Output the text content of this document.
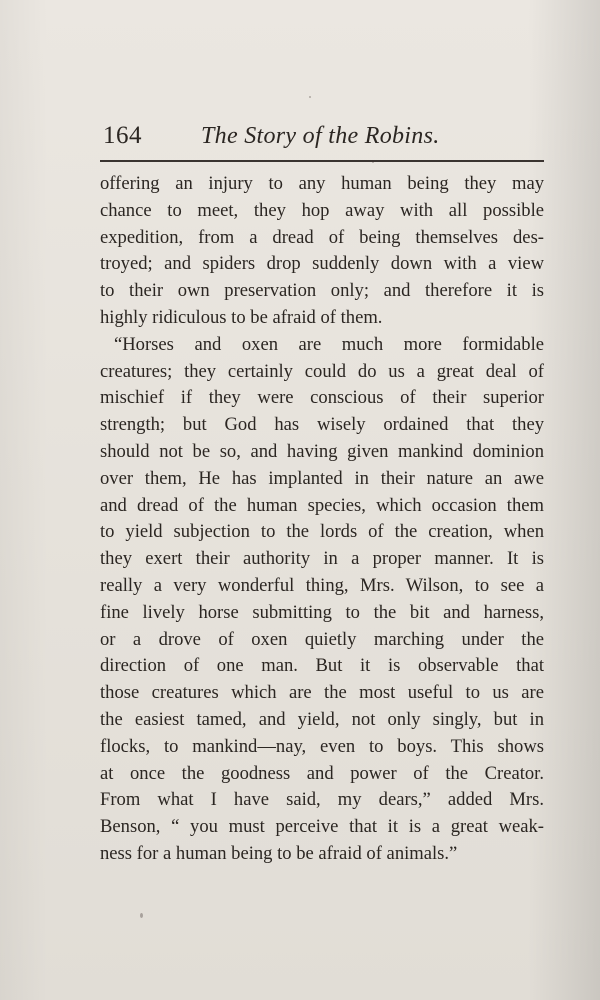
164 The Story of the Robins.
offering an injury to any human being they may
chance to meet, they hop away with all possible
expedition, from a dread of being themselves des-
troyed; and spiders drop suddenly down with a view
to their own preservation only; and therefore it is
highly ridiculous to be afraid of them.
“Horses and oxen are much more formidable
creatures; they certainly could do us a great deal of
mischief if they were conscious of their superior
strength; but God has wisely ordained that they
should not be so, and having given mankind dominion
over them, He has implanted in their nature an awe
and dread of the human species, which occasion them
to yield subjection to the lords of the creation, when
they exert their authority in a proper manner. It is
really a very wonderful thing, Mrs. Wilson, to see a
fine lively horse submitting to the bit and harness,
or a drove of oxen quietly marching under the
direction of one man. But it is observable that
those creatures which are the most useful to us are
the easiest tamed, and yield, not only singly, but in
flocks, to mankind—nay, even to boys. This shows
at once the goodness and power of the Creator.
From what I have said, my dears,” added Mrs.
Benson, “ you must perceive that it is a great weak-
ness for a human being to be afraid of animals.”
